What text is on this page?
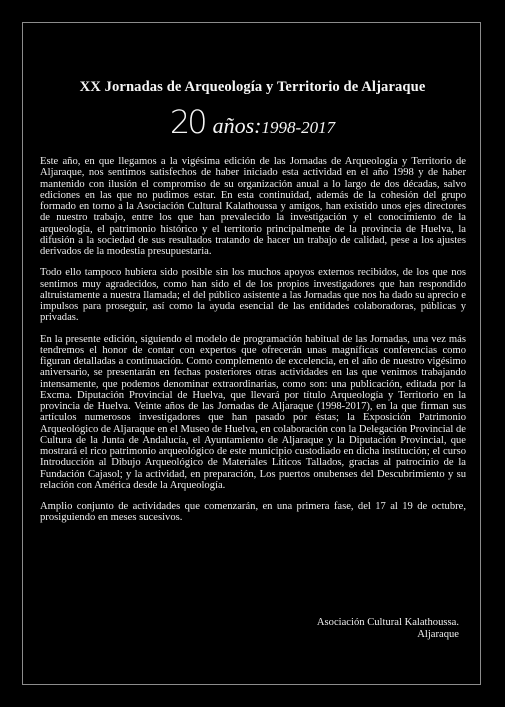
XX Jornadas de Arqueología y Territorio de Aljaraque
20 años:1998-2017

Este año, en que llegamos a la vigésima edición de las Jornadas de Arqueología y Territorio de Aljaraque, nos sentimos satisfechos de haber iniciado esta actividad en el año 1998 y de haber mantenido con ilusión el compromiso de su organización anual a lo largo de dos décadas, salvo ediciones en las que no pudimos estar. En esta continuidad, además de la cohesión del grupo formado en torno a la Asociación Cultural Kalathoussa y amigos, han existido unos ejes directores de nuestro trabajo, entre los que han prevalecido la investigación y el conocimiento de la arqueología, el patrimonio histórico y el territorio principalmente de la provincia de Huelva, la difusión a la sociedad de sus resultados tratando de hacer un trabajo de calidad, pese a los ajustes derivados de la modestia presupuestaria.

Todo ello tampoco hubiera sido posible sin los muchos apoyos externos recibidos, de los que nos sentimos muy agradecidos, como han sido el de los propios investigadores que han respondido altruistamente a nuestra llamada; el del público asistente a las Jornadas que nos ha dado su aprecio e impulsos para proseguir, así como la ayuda esencial de las entidades colaboradoras, públicas y privadas.

En la presente edición, siguiendo el modelo de programación habitual de las Jornadas, una vez más tendremos el honor de contar con expertos que ofrecerán unas magníficas conferencias como figuran detalladas a continuación. Como complemento de excelencia, en el año de nuestro vigésimo aniversario, se presentarán en fechas posteriores otras actividades en las que venimos trabajando intensamente, que podemos denominar extraordinarias, como son: una publicación, editada por la Excma. Diputación Provincial de Huelva, que llevará por título Arqueología y Territorio en la provincia de Huelva. Veinte años de las Jornadas de Aljaraque (1998-2017), en la que firman sus artículos numerosos investigadores que han pasado por éstas; la Exposición Patrimonio Arqueológico de Aljaraque en el Museo de Huelva, en colaboración con la Delegación Provincial de Cultura de la Junta de Andalucía, el Ayuntamiento de Aljaraque y la Diputación Provincial, que mostrará el rico patrimonio arqueológico de este municipio custodiado en dicha institución; el curso Introducción al Dibujo Arqueológico de Materiales Líticos Tallados, gracias al patrocinio de la Fundación Cajasol; y la actividad, en preparación, Los puertos onubenses del Descubrimiento y su relación con América desde la Arqueología.

Amplio conjunto de actividades que comenzarán, en una primera fase, del 17 al 19 de octubre, prosiguiendo en meses sucesivos.

Asociación Cultural Kalathoussa.
Aljaraque
